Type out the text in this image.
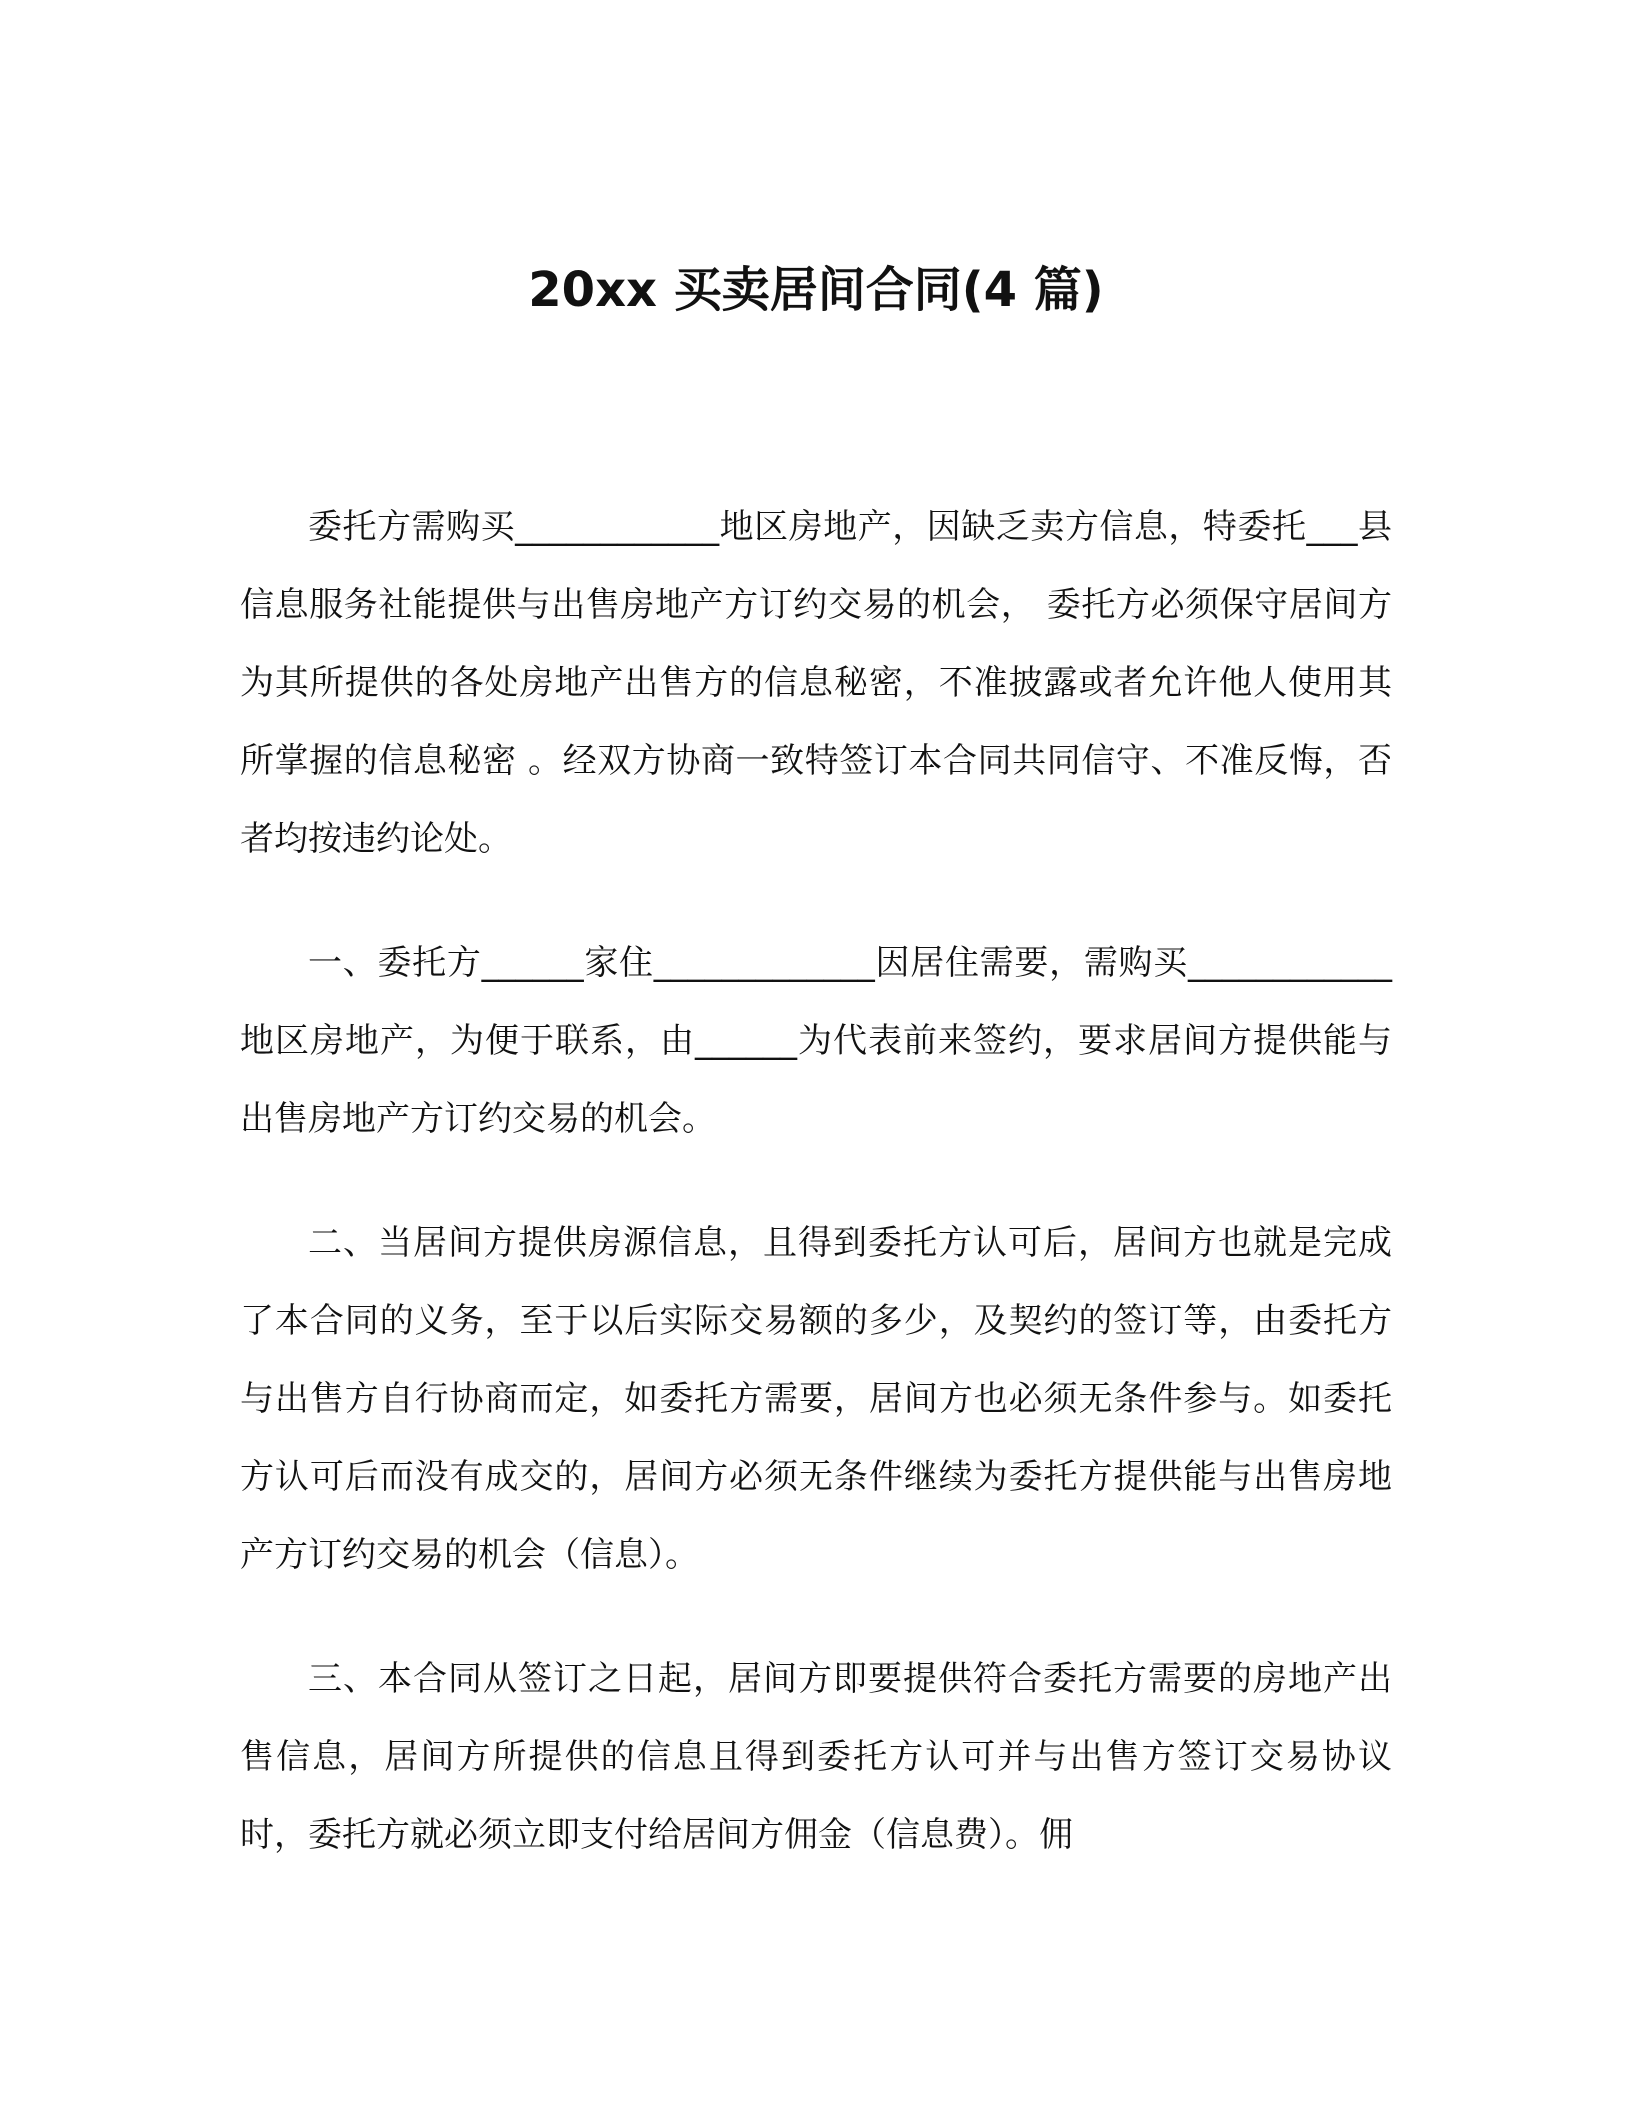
20xx 买卖居间合同(4 篇)

委托方需购买____________地区房地产，因缺乏卖方信息，特委托___县信息服务社能提供与出售房地产方订约交易的机会， 委托方必须保守居间方为其所提供的各处房地产出售方的信息秘密，不准披露或者允许他人使用其所掌握的信息秘密 。经双方协商一致特签订本合同共同信守、不准反悔，否者均按违约论处。

一、委托方______家住_____________因居住需要，需购买____________地区房地产，为便于联系，由______为代表前来签约，要求居间方提供能与出售房地产方订约交易的机会。

二、当居间方提供房源信息，且得到委托方认可后，居间方也就是完成了本合同的义务，至于以后实际交易额的多少，及契约的签订等，由委托方与出售方自行协商而定，如委托方需要，居间方也必须无条件参与。如委托方认可后而没有成交的，居间方必须无条件继续为委托方提供能与出售房地产方订约交易的机会（信息）。

三、本合同从签订之日起，居间方即要提供符合委托方需要的房地产出售信息，居间方所提供的信息且得到委托方认可并与出售方签订交易协议时，委托方就必须立即支付给居间方佣金（信息费）。佣
